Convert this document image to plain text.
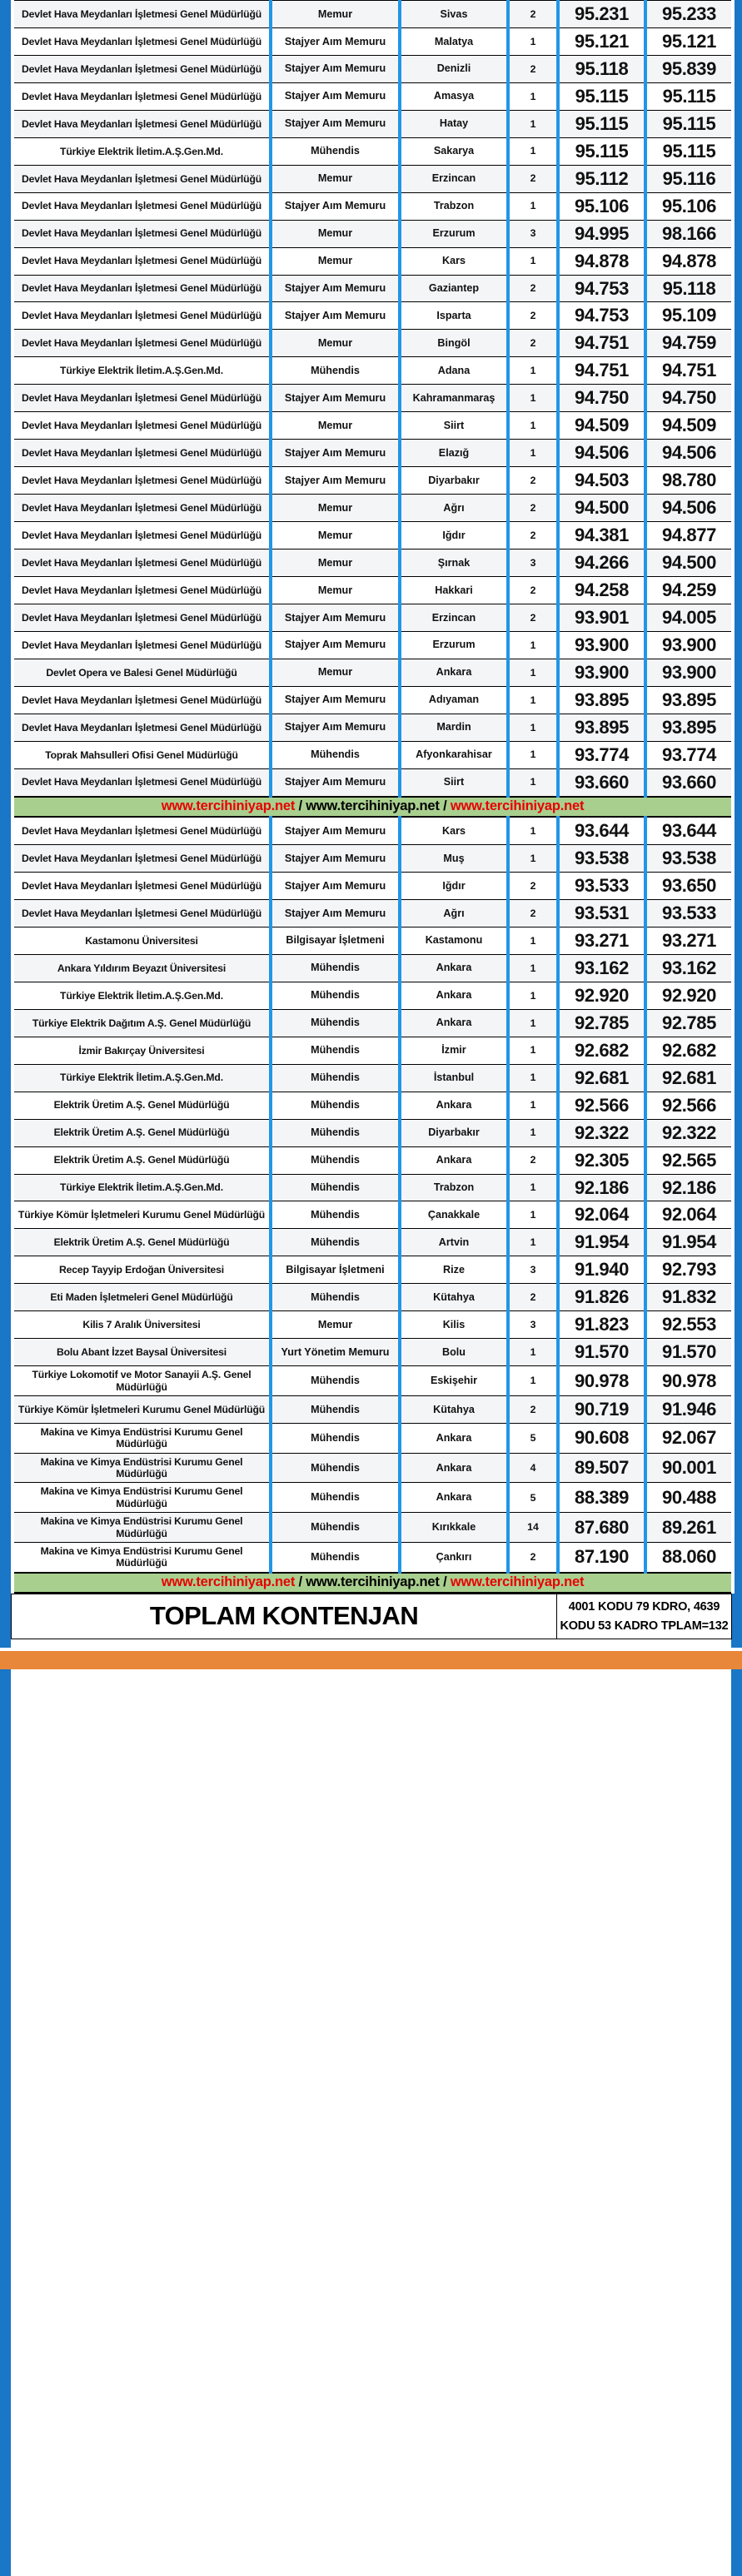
Devlet Hava Meydanları İşletmesi Genel Müdürlüğü	Memur	Sivas	2	95.231	95.233
Devlet Hava Meydanları İşletmesi Genel Müdürlüğü	Stajyer Aım Memuru	Malatya	1	95.121	95.121
Devlet Hava Meydanları İşletmesi Genel Müdürlüğü	Stajyer Aım Memuru	Denizli	2	95.118	95.839
Devlet Hava Meydanları İşletmesi Genel Müdürlüğü	Stajyer Aım Memuru	Amasya	1	95.115	95.115
Devlet Hava Meydanları İşletmesi Genel Müdürlüğü	Stajyer Aım Memuru	Hatay	1	95.115	95.115
Türkiye Elektrik İletim.A.Ş.Gen.Md.	Mühendis	Sakarya	1	95.115	95.115
Devlet Hava Meydanları İşletmesi Genel Müdürlüğü	Memur	Erzincan	2	95.112	95.116
Devlet Hava Meydanları İşletmesi Genel Müdürlüğü	Stajyer Aım Memuru	Trabzon	1	95.106	95.106
Devlet Hava Meydanları İşletmesi Genel Müdürlüğü	Memur	Erzurum	3	94.995	98.166
Devlet Hava Meydanları İşletmesi Genel Müdürlüğü	Memur	Kars	1	94.878	94.878
Devlet Hava Meydanları İşletmesi Genel Müdürlüğü	Stajyer Aım Memuru	Gaziantep	2	94.753	95.118
Devlet Hava Meydanları İşletmesi Genel Müdürlüğü	Stajyer Aım Memuru	Isparta	2	94.753	95.109
Devlet Hava Meydanları İşletmesi Genel Müdürlüğü	Memur	Bingöl	2	94.751	94.759
Türkiye Elektrik İletim.A.Ş.Gen.Md.	Mühendis	Adana	1	94.751	94.751
Devlet Hava Meydanları İşletmesi Genel Müdürlüğü	Stajyer Aım Memuru	Kahramanmaraş	1	94.750	94.750
Devlet Hava Meydanları İşletmesi Genel Müdürlüğü	Memur	Siirt	1	94.509	94.509
Devlet Hava Meydanları İşletmesi Genel Müdürlüğü	Stajyer Aım Memuru	Elazığ	1	94.506	94.506
Devlet Hava Meydanları İşletmesi Genel Müdürlüğü	Stajyer Aım Memuru	Diyarbakır	2	94.503	98.780
Devlet Hava Meydanları İşletmesi Genel Müdürlüğü	Memur	Ağrı	2	94.500	94.506
Devlet Hava Meydanları İşletmesi Genel Müdürlüğü	Memur	Iğdır	2	94.381	94.877
Devlet Hava Meydanları İşletmesi Genel Müdürlüğü	Memur	Şırnak	3	94.266	94.500
Devlet Hava Meydanları İşletmesi Genel Müdürlüğü	Memur	Hakkari	2	94.258	94.259
Devlet Hava Meydanları İşletmesi Genel Müdürlüğü	Stajyer Aım Memuru	Erzincan	2	93.901	94.005
Devlet Hava Meydanları İşletmesi Genel Müdürlüğü	Stajyer Aım Memuru	Erzurum	1	93.900	93.900
Devlet Opera ve Balesi Genel Müdürlüğü	Memur	Ankara	1	93.900	93.900
Devlet Hava Meydanları İşletmesi Genel Müdürlüğü	Stajyer Aım Memuru	Adıyaman	1	93.895	93.895
Devlet Hava Meydanları İşletmesi Genel Müdürlüğü	Stajyer Aım Memuru	Mardin	1	93.895	93.895
Toprak Mahsulleri Ofisi Genel Müdürlüğü	Mühendis	Afyonkarahisar	1	93.774	93.774
Devlet Hava Meydanları İşletmesi Genel Müdürlüğü	Stajyer Aım Memuru	Siirt	1	93.660	93.660
www.tercihiniyap.net / www.tercihiniyap.net / www.tercihiniyap.net					
Devlet Hava Meydanları İşletmesi Genel Müdürlüğü	Stajyer Aım Memuru	Kars	1	93.644	93.644
Devlet Hava Meydanları İşletmesi Genel Müdürlüğü	Stajyer Aım Memuru	Muş	1	93.538	93.538
Devlet Hava Meydanları İşletmesi Genel Müdürlüğü	Stajyer Aım Memuru	Iğdır	2	93.533	93.650
Devlet Hava Meydanları İşletmesi Genel Müdürlüğü	Stajyer Aım Memuru	Ağrı	2	93.531	93.533
Kastamonu Üniversitesi	Bilgisayar İşletmeni	Kastamonu	1	93.271	93.271
Ankara Yıldırım Beyazıt Üniversitesi	Mühendis	Ankara	1	93.162	93.162
Türkiye Elektrik İletim.A.Ş.Gen.Md.	Mühendis	Ankara	1	92.920	92.920
Türkiye Elektrik Dağıtım A.Ş. Genel Müdürlüğü	Mühendis	Ankara	1	92.785	92.785
İzmir Bakırçay Üniversitesi	Mühendis	İzmir	1	92.682	92.682
Türkiye Elektrik İletim.A.Ş.Gen.Md.	Mühendis	İstanbul	1	92.681	92.681
Elektrik Üretim A.Ş. Genel Müdürlüğü	Mühendis	Ankara	1	92.566	92.566
Elektrik Üretim A.Ş. Genel Müdürlüğü	Mühendis	Diyarbakır	1	92.322	92.322
Elektrik Üretim A.Ş. Genel Müdürlüğü	Mühendis	Ankara	2	92.305	92.565
Türkiye Elektrik İletim.A.Ş.Gen.Md.	Mühendis	Trabzon	1	92.186	92.186
Türkiye Kömür İşletmeleri Kurumu Genel Müdürlüğü	Mühendis	Çanakkale	1	92.064	92.064
Elektrik Üretim A.Ş. Genel Müdürlüğü	Mühendis	Artvin	1	91.954	91.954
Recep Tayyip Erdoğan Üniversitesi	Bilgisayar İşletmeni	Rize	3	91.940	92.793
Eti Maden İşletmeleri Genel Müdürlüğü	Mühendis	Kütahya	2	91.826	91.832
Kilis 7 Aralık Üniversitesi	Memur	Kilis	3	91.823	92.553
Bolu Abant İzzet Baysal Üniversitesi	Yurt Yönetim Memuru	Bolu	1	91.570	91.570
Türkiye Lokomotif ve Motor Sanayii A.Ş. Genel Müdürlüğü	Mühendis	Eskişehir	1	90.978	90.978
Türkiye Kömür İşletmeleri Kurumu Genel Müdürlüğü	Mühendis	Kütahya	2	90.719	91.946
Makina ve Kimya Endüstrisi Kurumu Genel Müdürlüğü	Mühendis	Ankara	5	90.608	92.067
Makina ve Kimya Endüstrisi Kurumu Genel Müdürlüğü	Mühendis	Ankara	4	89.507	90.001
Makina ve Kimya Endüstrisi Kurumu Genel Müdürlüğü	Mühendis	Ankara	5	88.389	90.488
Makina ve Kimya Endüstrisi Kurumu Genel Müdürlüğü	Mühendis	Kırıkkale	14	87.680	89.261
Makina ve Kimya Endüstrisi Kurumu Genel Müdürlüğü	Mühendis	Çankırı	2	87.190	88.060
www.tercihiniyap.net / www.tercihiniyap.net / www.tercihiniyap.net					
TOPLAM KONTENJAN	4001 KODU 79 KDRO, 4639
KODU 53 KADRO TPLAM=132
